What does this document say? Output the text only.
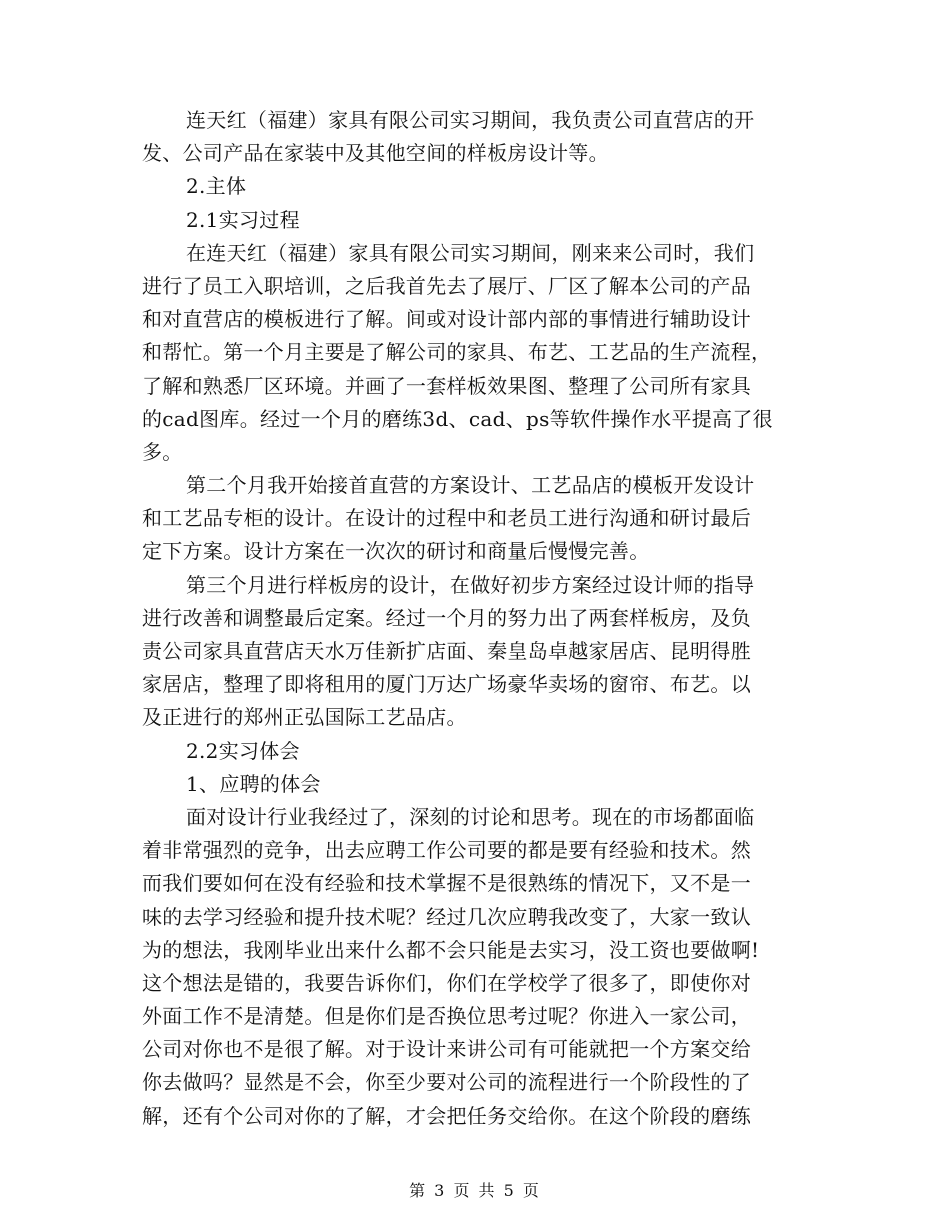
连天红（福建）家具有限公司实习期间，我负责公司直营店的开
发、公司产品在家装中及其他空间的样板房设计等。
2.主体
2.1实习过程
在连天红（福建）家具有限公司实习期间，刚来来公司时，我们
进行了员工入职培训，之后我首先去了展厅、厂区了解本公司的产品
和对直营店的模板进行了解。间或对设计部内部的事情进行辅助设计
和帮忙。第一个月主要是了解公司的家具、布艺、工艺品的生产流程，
了解和熟悉厂区环境。并画了一套样板效果图、整理了公司所有家具
的cad图库。经过一个月的磨练3d、cad、ps等软件操作水平提高了很
多。
第二个月我开始接首直营的方案设计、工艺品店的模板开发设计
和工艺品专柜的设计。在设计的过程中和老员工进行沟通和研讨最后
定下方案。设计方案在一次次的研讨和商量后慢慢完善。
第三个月进行样板房的设计，在做好初步方案经过设计师的指导
进行改善和调整最后定案。经过一个月的努力出了两套样板房，及负
责公司家具直营店天水万佳新扩店面、秦皇岛卓越家居店、昆明得胜
家居店，整理了即将租用的厦门万达广场豪华卖场的窗帘、布艺。以
及正进行的郑州正弘国际工艺品店。
2.2实习体会
1、应聘的体会
面对设计行业我经过了，深刻的讨论和思考。现在的市场都面临
着非常强烈的竞争，出去应聘工作公司要的都是要有经验和技术。然
而我们要如何在没有经验和技术掌握不是很熟练的情况下，又不是一
味的去学习经验和提升技术呢？经过几次应聘我改变了，大家一致认
为的想法，我刚毕业出来什么都不会只能是去实习，没工资也要做啊!
这个想法是错的，我要告诉你们，你们在学校学了很多了，即使你对
外面工作不是清楚。但是你们是否换位思考过呢？你进入一家公司，
公司对你也不是很了解。对于设计来讲公司有可能就把一个方案交给
你去做吗？显然是不会，你至少要对公司的流程进行一个阶段性的了
解，还有个公司对你的了解，才会把任务交给你。在这个阶段的磨练
第 3 页 共 5 页
